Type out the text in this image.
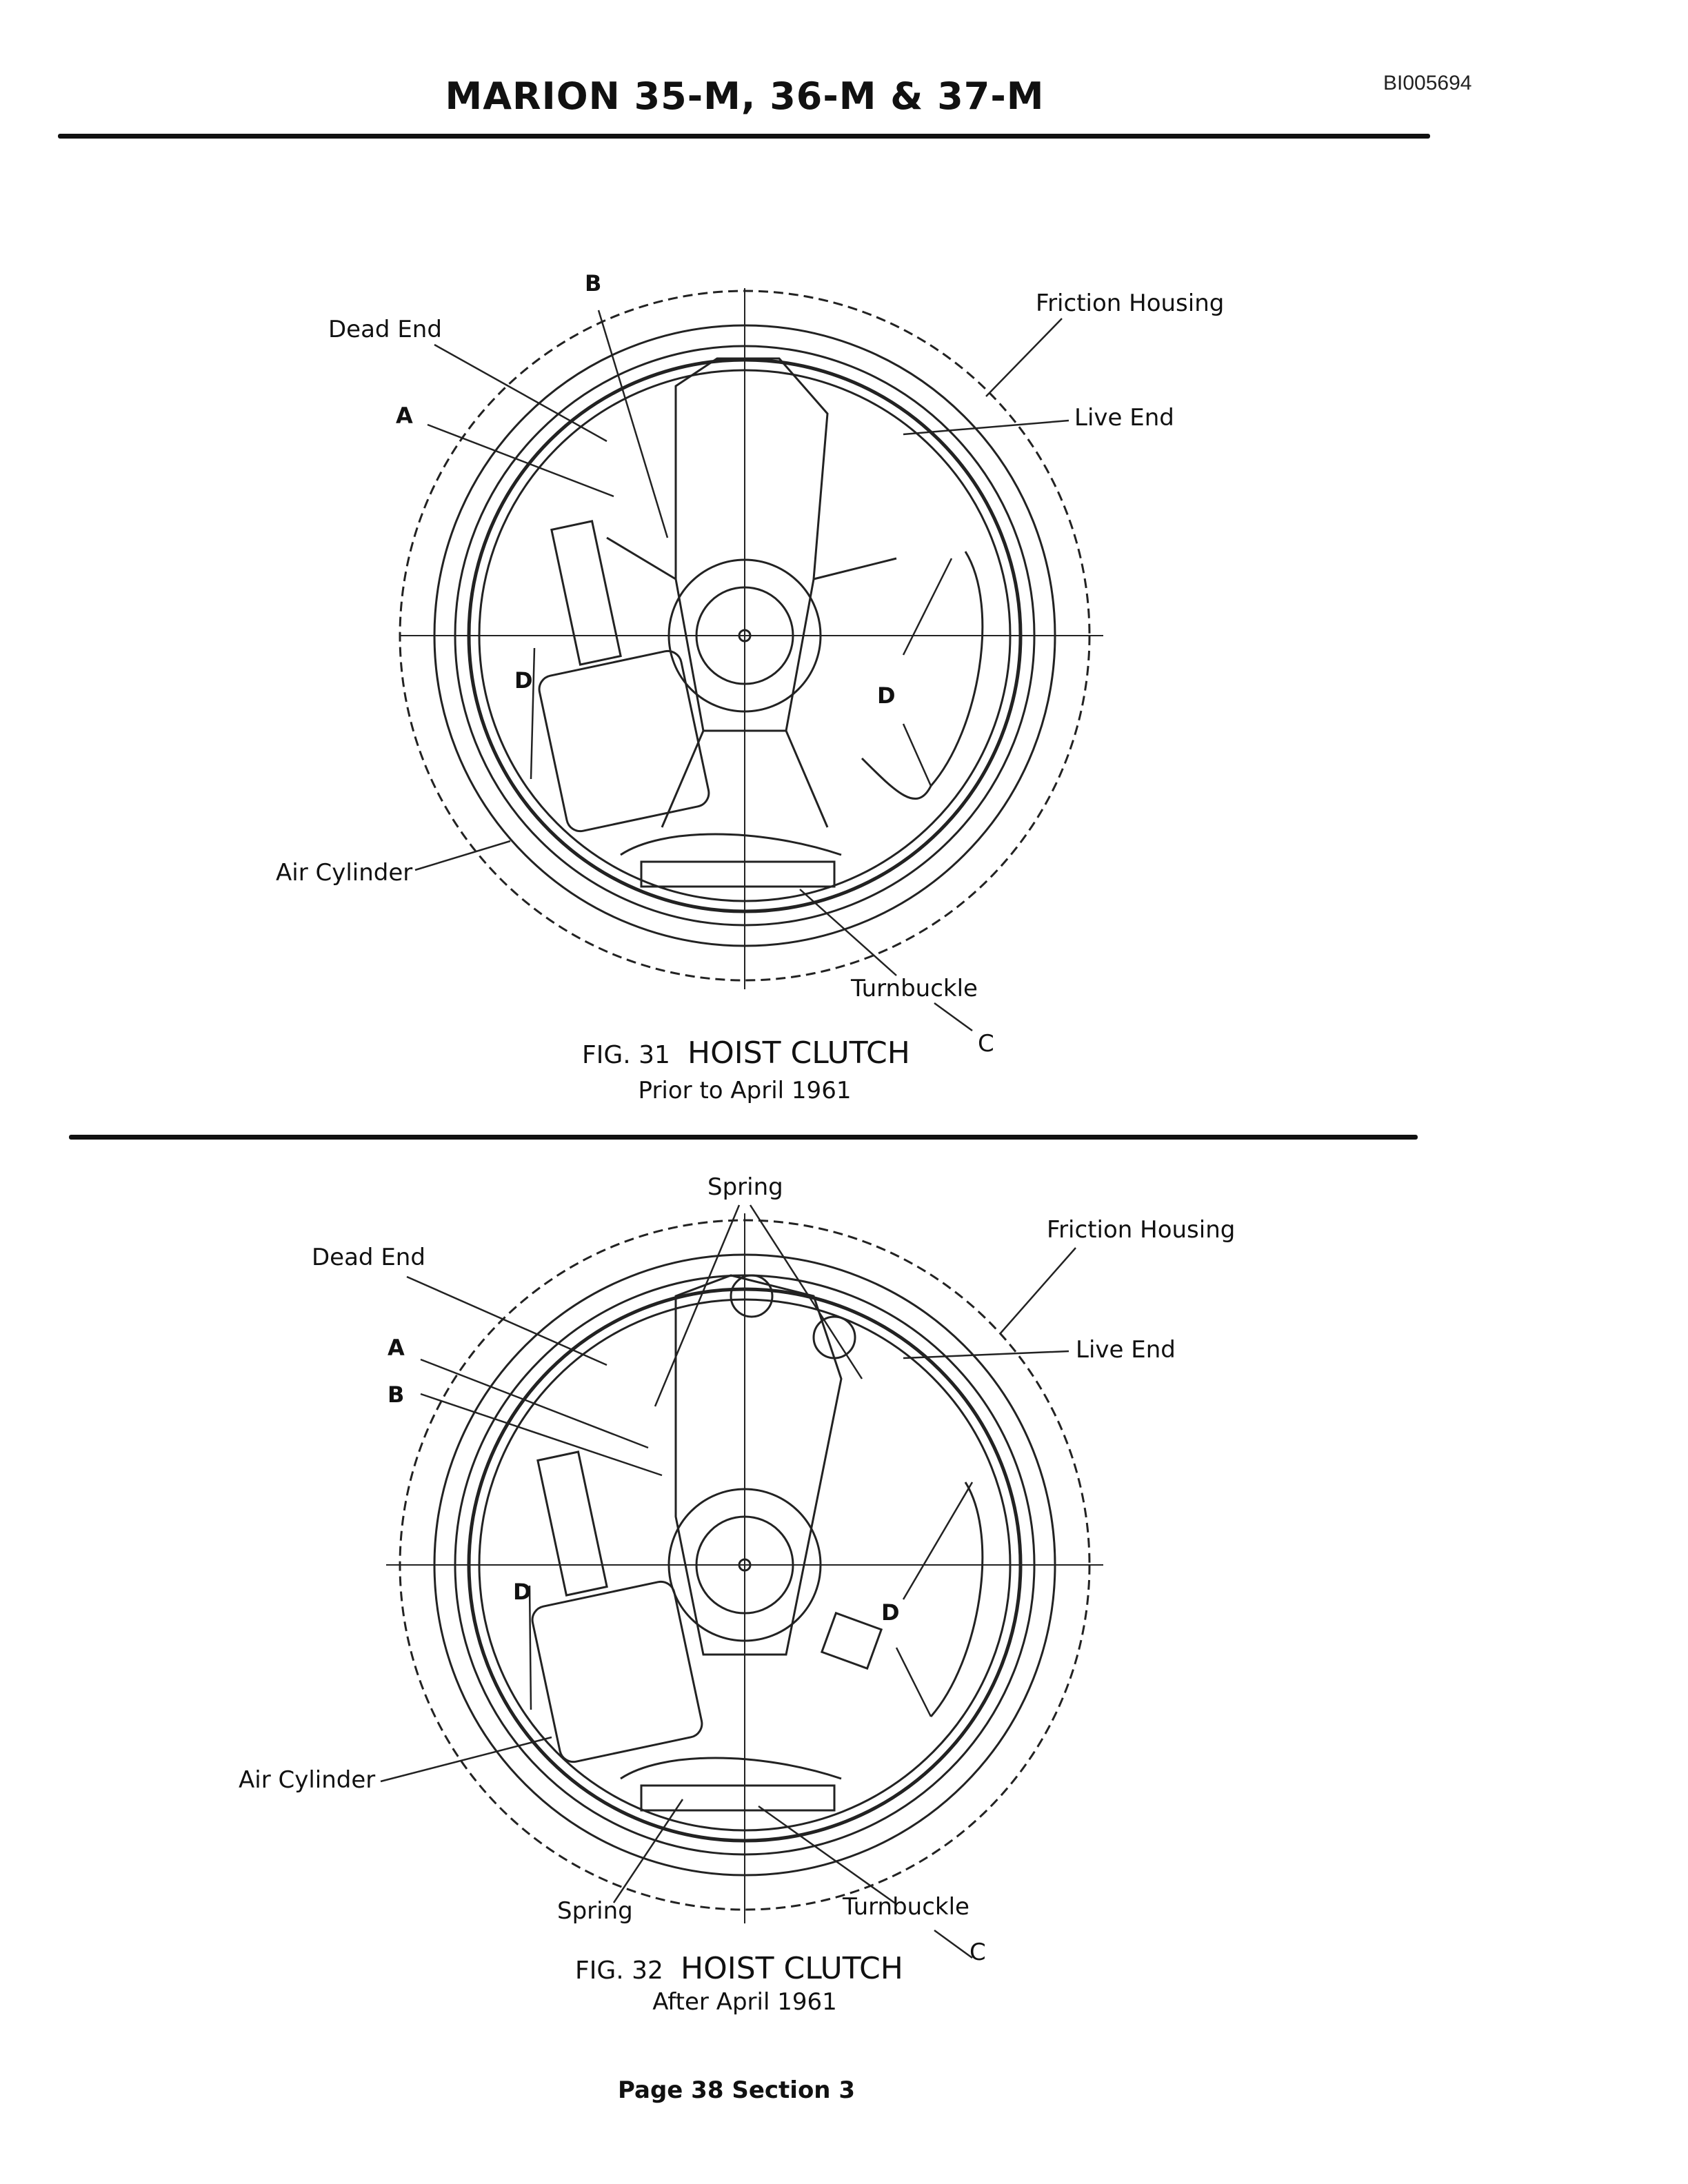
MARION 35-M, 36-M & 37-M	BI005694
Dead End
B
A
Friction Housing
Live End
D
D
Air Cylinder
Turnbuckle
C
FIG. 31 HOIST CLUTCH
Prior to April 1961
Spring
Dead End
Friction Housing
A
B
Live End
D
D
Air Cylinder
Spring	Turnbuckle
C
FIG. 32 HOIST CLUTCH
After April 1961
Page 38 Section 3
